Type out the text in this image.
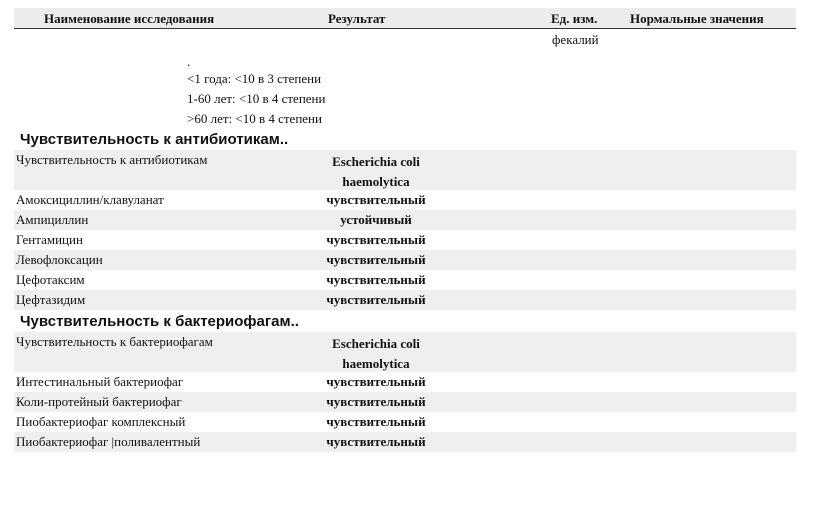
Наименование исследования	Результат	Ед. изм.	Нормальные значения
фекалий
.
<1 года: <10 в 3 степени
1-60 лет: <10 в 4 степени
>60 лет: <10 в 4 степени
Чувствительность к антибиотикам..
Чувствительность к антибиотикам	Escherichia coli
haemolytica
Амоксициллин/клавуланат	чувствительный
Ампициллин	устойчивый
Гентамицин	чувствительный
Левофлоксацин	чувствительный
Цефотаксим	чувствительный
Цефтазидим	чувствительный
Чувствительность к бактериофагам..
Чувствительность к бактериофагам	Escherichia coli
haemolytica
Интестинальный бактериофаг	чувствительный
Коли-протейный бактериофаг	чувствительный
Пиобактериофаг комплексный	чувствительный
Пиобактериофаг |поливалентный	чувствительный
